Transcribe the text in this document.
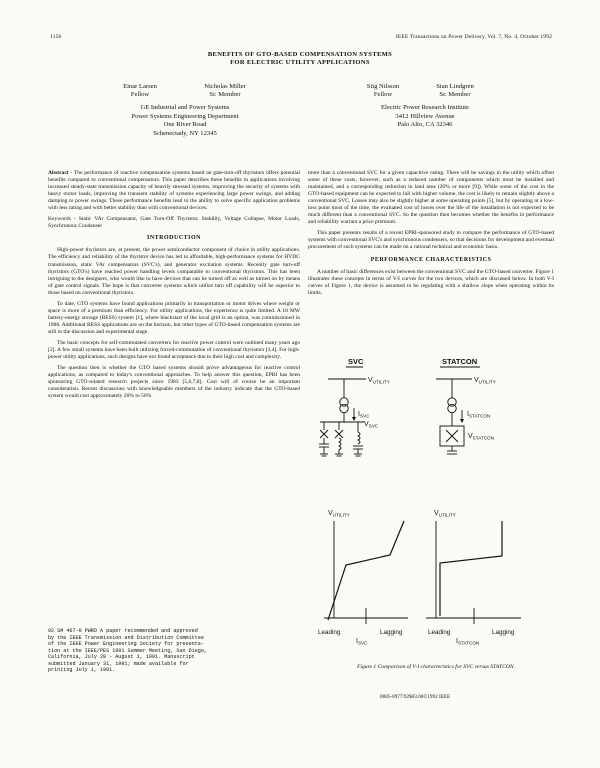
1156	IEEE Transactions on Power Delivery, Vol. 7, No. 4, October 1992
BENEFITS OF GTO-BASED COMPENSATION SYSTEMS
FOR ELECTRIC UTILITY APPLICATIONS
Einar Larsen
Fellow
Nicholas Miller
Sr. Member
Stig Nilsson
Fellow
Stan Lindgren
Sr. Member
GE Industrial and Power Systems
Power Systems Engineering Department
One River Road
Schenectady, NY 12345
Electric Power Research Institute
3412 Hillview Avenue
Palo Alto, CA 32346

Abstract - The performance of reactive compensation systems based on gate-turn-off thyristors offers potential benefits compared to conventional compensators. This paper describes these benefits in applications involving increased steady-state transmission capacity of heavily stressed systems, improving the security of systems with heavy motor loads, improving the transient stability of systems experiencing large power swings, and adding damping to power swings. These performance benefits lead to the ability to solve specific application problems with less rating and with better stability than with conventional devices.

Keywords - Static VAr Compensator, Gate Turn-Off Thyristor, Stability, Voltage Collapse, Motor Loads, Synchronous Condenser

INTRODUCTION

High-power thyristors are, at present, the power semiconductor component of choice in utility applications. The efficiency and reliability of the thyristor device has led to affordable, high-performance systems for HVDC transmission, static VAr compensators (SVC's), and generator excitation systems. Recently gate turn-off thyristors (GTO's) have reached power handling levels comparable to conventional thyristors. This has been intriguing to the designers, who would like to have devices that can be turned off as well as turned on by means of gate control signals. The hope is that converter systems which utilize turn off capability will be superior to those based on conventional thyristors.

To date, GTO systems have found applications primarily in transportation or motor drives where weight or space is more of a premium than efficiency. For utility applications, the experience is quite limited. A 10 MW battery-energy storage (BESS) system [1], where blackstart of the local grid is an option, was commissioned in 1988. Additional BESS applications are on the horizon, but other types of GTO-based compensation systems are still in the discussion and experimental stage.

The basic concepts for self-commutated converters for reactive power control were outlined many years ago [2]. A few small systems have been built utilizing forced-commutation of conventional thyristors [3,4]. For high-power utility applications, such designs have not found acceptance due to their high cost and complexity.

The question then is whether the GTO based systems should prove advantageous for reactive control applications, as compared to today's conventional approaches. To help answer this question, EPRI has been sponsoring GTO-related research projects since 1983 [5,6,7,8]. Cost will of course be an important consideration. Recent discussions with knowledgeable members of the industry indicate that the GTO-based system would cost approximately 20% to 50%

92 SM 467-0 PWRD A paper recommended and approved
by the IEEE Transmission and Distribution Committee
of the IEEE Power Engineering Society for presenta-
tion at the IEEE/PES 1991 Summer Meeting, San Diego,
California, July 28 - August 1, 1991. Manuscript
submitted January 31, 1991; made available for
printing July 1, 1991.

more than a conventional SVC for a given capacitive rating. There will be savings in the utility which offset some of these costs, however, such as a reduced number of components which must be installed and maintained, and a corresponding reduction in land area (20% or more [9]). While some of the cost in the GTO-based equipment can be expected to fall with higher volume, the cost is likely to remain slightly above a conventional SVC. Losses may also be slightly higher at some operating points [5], but by operating at a low-loss point most of the time, the evaluated cost of losses over the life of the installation is not expected to be much different than a conventional SVC. So the question then becomes whether the benefits in performance and reliability warrant a price premium.

This paper presents results of a recent EPRI-sponsored study to compare the performance of GTO-based systems with conventional SVC's and synchronous condensers, so that decisions for development and eventual procurement of such systems can be made on a rational technical and economic basis.

PERFORMANCE CHARACTERISTICS

A number of basic differences exist between the conventional SVC and the GTO-based converter. Figure 1 illustrates these concepts in terms of V-I curves for the two devices, which are discussed below. In both V-I curves of Figure 1, the device is assumed to be regulating with a shallow slope when operating within its limits.

SVC
$V_{UTILITY}$
$I_{SVC}$
$V_{SVC}$
STATCON
$V_{UTILITY}$
$I_{STATCON}$
$V_{STATCON}$
$V_{UTILITY}$
Leading	Lagging
$I_{SVC}$
$V_{UTILITY}$
Leading	Lagging
$I_{STATCON}$
Figure 1 Comparison of V-I characteristics for SVC versus STATCON.
0885-8977/92$03.00©1992 IEEE
